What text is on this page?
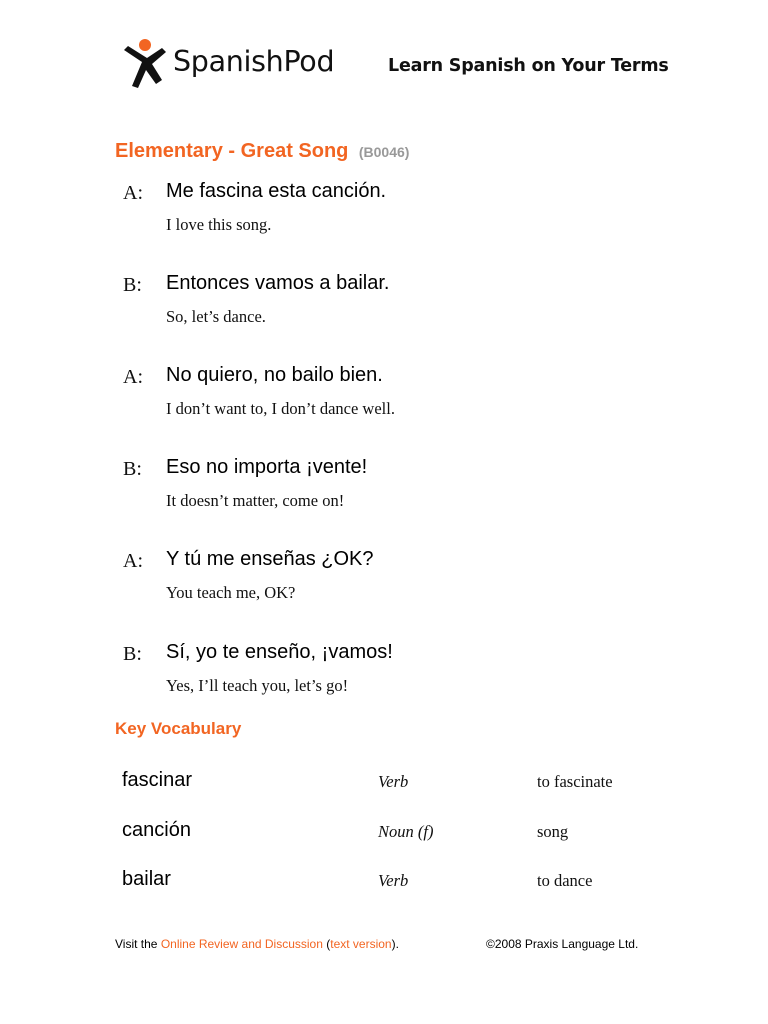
SpanishPod	Learn Spanish on Your Terms
Elementary - Great Song (B0046)
A: Me fascina esta canción.
I love this song.
B: Entonces vamos a bailar.
So, let’s dance.
A: No quiero, no bailo bien.
I don’t want to, I don’t dance well.
B: Eso no importa ¡vente!
It doesn’t matter, come on!
A: Y tú me enseñas ¿OK?
You teach me, OK?
B: Sí, yo te enseño, ¡vamos!
Yes, I’ll teach you, let’s go!
Key Vocabulary
fascinar	Verb	to fascinate
canción	Noun (f)	song
bailar	Verb	to dance
Visit the Online Review and Discussion (text version).	©2008 Praxis Language Ltd.
